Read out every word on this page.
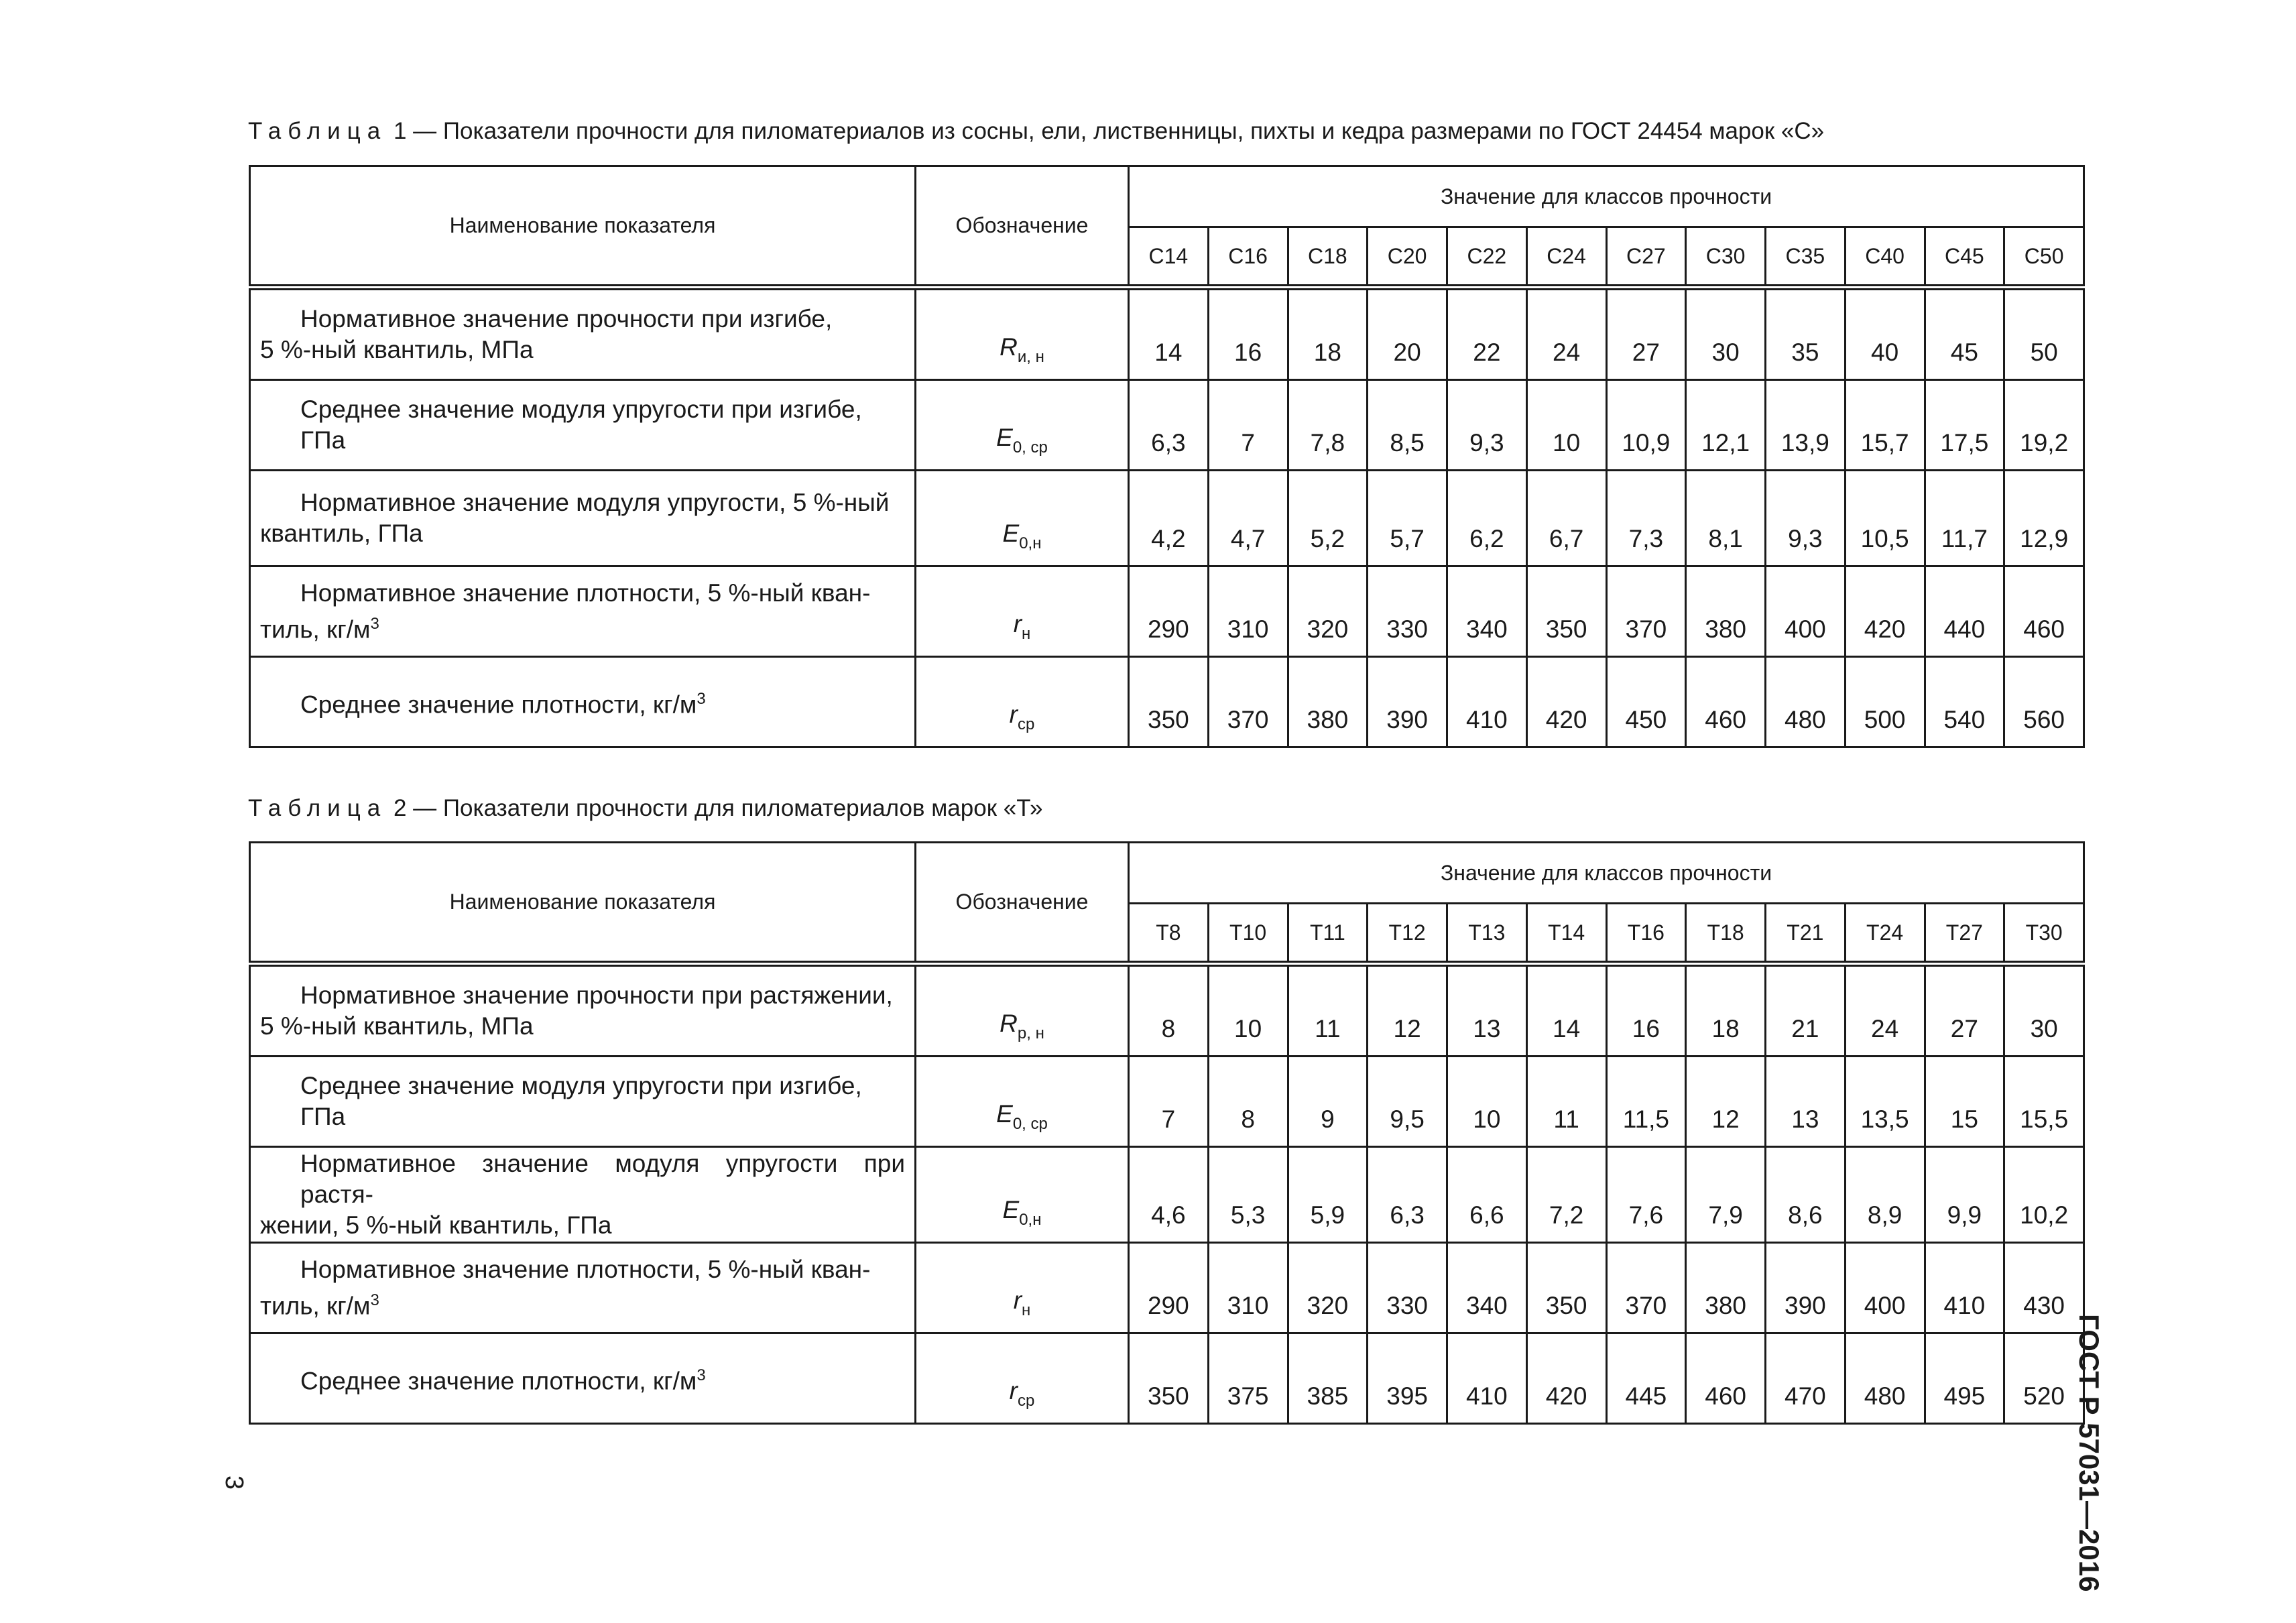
Таблица 1 — Показатели прочности для пиломатериалов из сосны, ели, лиственницы, пихты и кедра размерами по ГОСТ 24454 марок «С»
Наименование показателя	Обозначение	Значение для классов прочности											
		C14	C16	C18	C20	C22	C24	C27	C30	C35	C40	C45	C50

Нормативное значение прочности при изгибе,
5 %-ный квантиль, МПа	$R_{и, н}$	14	16	18	20	22	24	27	30	35	40	45	50

Среднее значение модуля упругости при изгибе, ГПа	$E_{0, ср}$	6,3	7	7,8	8,5	9,3	10	10,9	12,1	13,9	15,7	17,5	19,2

Нормативное значение модуля упругости, 5 %-ный
квантиль, ГПа	$E_{0,н}$	4,2	4,7	5,2	5,7	6,2	6,7	7,3	8,1	9,3	10,5	11,7	12,9

Нормативное значение плотности, 5 %-ный кван-
тиль, $кг/м^3$	$r_н$	290	310	320	330	340	350	370	380	400	420	440	460

Среднее значение плотности, $кг/м^3$	$r_{ср}$	350	370	380	390	410	420	450	460	480	500	540	560
Таблица 2 — Показатели прочности для пиломатериалов марок «Т»
Наименование показателя	Обозначение	Значение для классов прочности											
		T8	T10	T11	T12	T13	T14	T16	T18	T21	T24	T27	T30

Нормативное значение прочности при растяжении,
5 %-ный квантиль, МПа	$R_{р, н}$	8	10	11	12	13	14	16	18	21	24	27	30

Среднее значение модуля упругости при изгибе, ГПа	$E_{0, ср}$	7	8	9	9,5	10	11	11,5	12	13	13,5	15	15,5

Нормативное значение модуля упругости при растя-
жении, 5 %-ный квантиль, ГПа	$E_{0,н}$	4,6	5,3	5,9	6,3	6,6	7,2	7,6	7,9	8,6	8,9	9,9	10,2

Нормативное значение плотности, 5 %-ный кван-
тиль, $кг/м^3$	$r_н$	290	310	320	330	340	350	370	380	390	400	410	430

Среднее значение плотности, $кг/м^3$	$r_{ср}$	350	375	385	395	410	420	445	460	470	480	495	520 ГОСТ Р 57031—2016
3
